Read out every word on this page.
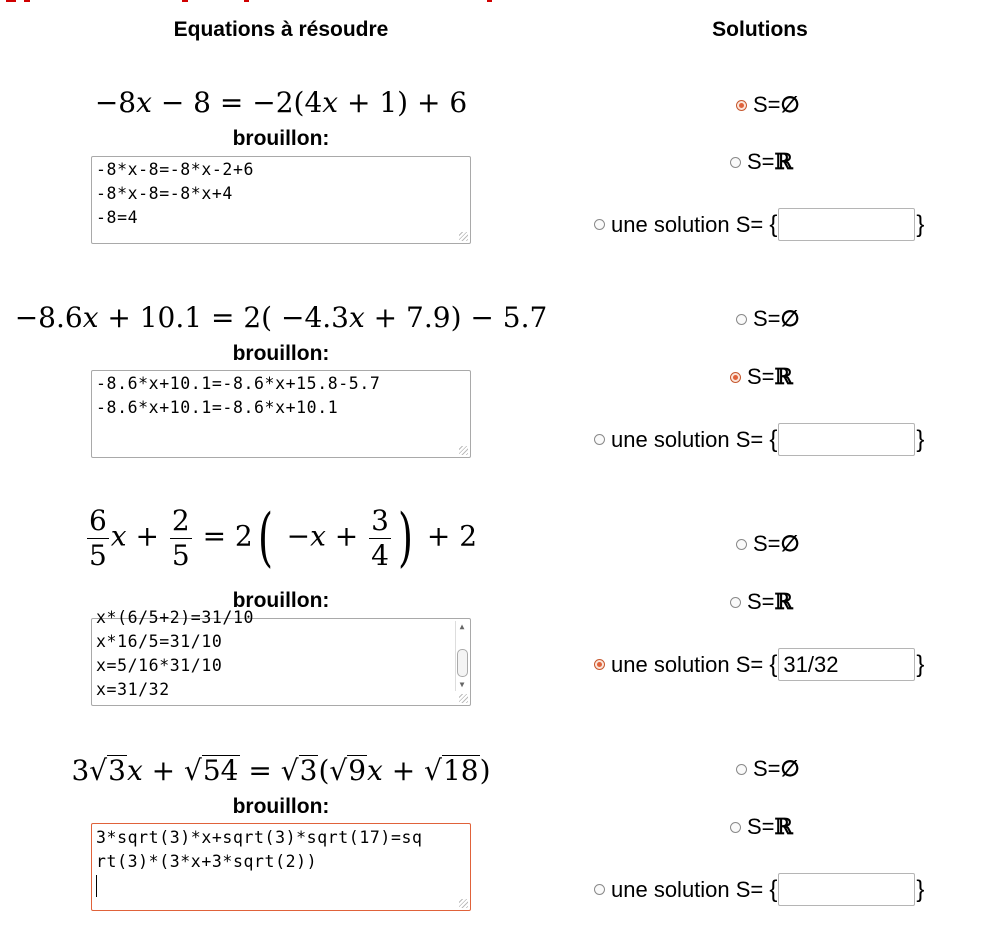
Equations à résoudre	Solutions
−8x − 8 = −2(4x + 1) + 6
brouillon:
-8*x-8=-8*x-2+6
-8*x-8=-8*x+4
-8=4
S= ∅
S= ℝ
une solution S=
{	}
−8.6x + 10.1 = 2( −4.3x + 7.9) − 5.7
brouillon:
-8.6*x+10.1=-8.6*x+15.8-5.7
-8.6*x+10.1=-8.6*x+10.1
S= ∅
S= ℝ
une solution S=
{	}
$\frac{6}{5}$ $x + \frac{2}{5} = 2( -x + \frac{3}{4}$ ) + 2
brouillon:
x*(6/5+2)=31/10
x*16/5=31/10
x=5/16*31/10
x=31/32
▲
▼
S= ∅
S= ℝ
une solution S=
{ 31/32	}
3√3x + √54 = √3(√9x + √18)
brouillon:
3*sqrt(3)*x+sqrt(3)*sqrt(17)=sq
rt(3)*(3*x+3*sqrt(2))
S= ∅
S= ℝ
une solution S=
{	}
